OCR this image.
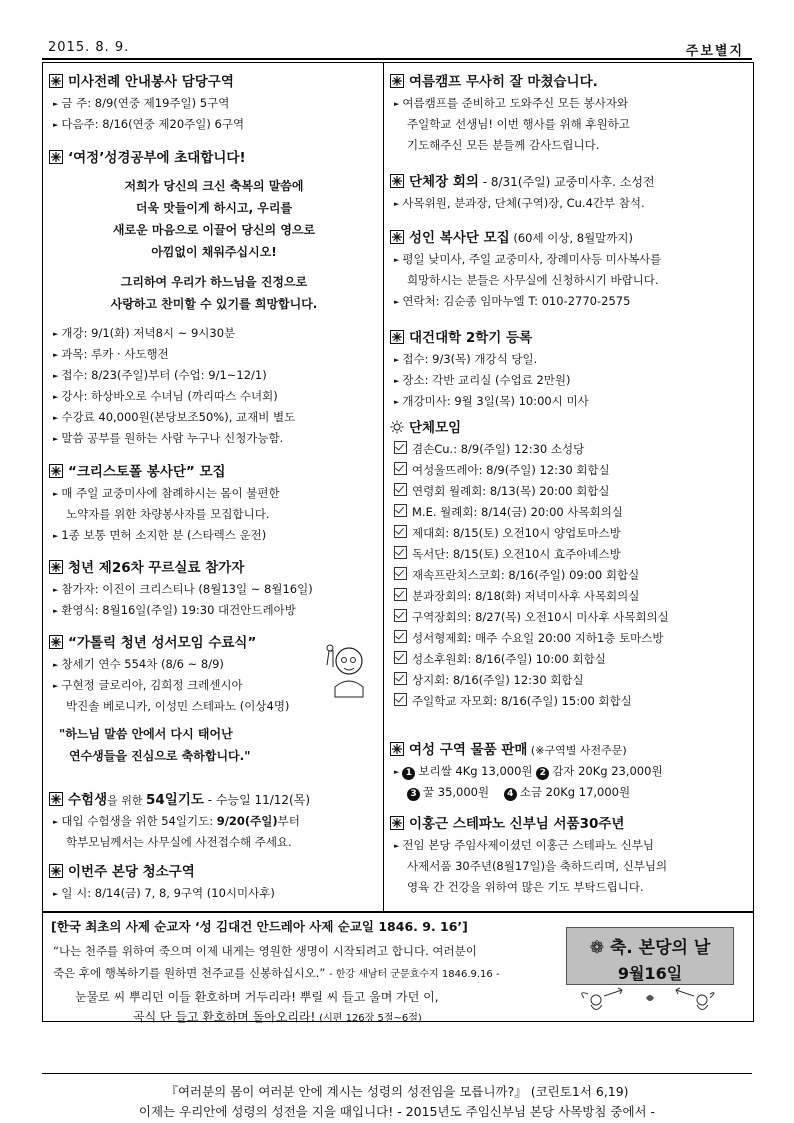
2015. 8. 9.	주보별지
미사전례 안내봉사 담당구역
► 금 주: 8/9(연중 제19주일) 5구역
► 다음주: 8/16(연중 제20주일) 6구역
‘여정’성경공부에 초대합니다!
저희가 당신의 크신 축복의 말씀에
더욱 맛들이게 하시고, 우리를
새로운 마음으로 이끌어 당신의 영으로
아낌없이 채워주십시오!
그리하여 우리가 하느님을 진정으로
사랑하고 찬미할 수 있기를 희망합니다.
► 개강: 9/1(화) 저녁8시 ~ 9시30분
► 과목: 루카 · 사도행전
► 접수: 8/23(주일)부터 (수업: 9/1~12/1)
► 강사: 하상바오로 수녀님 (까리따스 수녀회)
► 수강료 40,000원(본당보조50%), 교재비 별도
► 말씀 공부를 원하는 사람 누구나 신청가능함.
“크리스토폴 봉사단” 모집
► 매 주일 교중미사에 참례하시는 몸이 불편한
노약자를 위한 차량봉사자를 모집합니다.
► 1종 보통 면허 소지한 분 (스타렉스 운전)
청년 제26차 꾸르실료 참가자
► 참가자: 이진이 크리스티나 (8월13일 ~ 8월16일)
► 환영식: 8월16일(주일) 19:30 대건안드레아방
“가톨릭 청년 성서모임 수료식”
► 창세기 연수 554차 (8/6 ~ 8/9)
► 구현정 글로리아, 김희정 크레센시아
박진솔 베로니카, 이성민 스테파노 (이상4명)
"하느님 말씀 안에서 다시 태어난
연수생들을 진심으로 축하합니다."
수험생을 위한 54일기도 - 수능일 11/12(목)
► 대입 수험생을 위한 54일기도: 9/20(주일)부터
학부모님께서는 사무실에 사전접수해 주세요.
이번주 본당 청소구역
► 일 시: 8/14(금) 7, 8, 9구역 (10시미사후)
여름캠프 무사히 잘 마쳤습니다.
► 여름캠프를 준비하고 도와주신 모든 봉사자와
주일학교 선생님! 이번 행사를 위해 후원하고
기도해주신 모든 분들께 감사드립니다.
단체장 회의 - 8/31(주일) 교중미사후. 소성전
► 사목위원, 분과장, 단체(구역)장, Cu.4간부 참석.
성인 복사단 모집 (60세 이상, 8월말까지)
► 평일 낮미사, 주일 교중미사, 장례미사등 미사복사를
희망하시는 분들은 사무실에 신청하시기 바랍니다.
► 연락처: 김순종 임마누엘 T: 010-2770-2575
대건대학 2학기 등록
► 접수: 9/3(목) 개강식 당일.
► 장소: 각반 교리실 (수업료 2만원)
► 개강미사: 9월 3일(목) 10:00시 미사
단체모임
겸손Cu.: 8/9(주일) 12:30 소성당
여성울뜨레아: 8/9(주일) 12:30 회합실
연령회 월례회: 8/13(목) 20:00 회합실
M.E. 월례회: 8/14(금) 20:00 사목회의실
제대회: 8/15(토) 오전10시 양업토마스방
독서단: 8/15(토) 오전10시 효주아녜스방
재속프란치스코회: 8/16(주일) 09:00 회합실
분과장회의: 8/18(화) 저녁미사후 사목회의실
구역장회의: 8/27(목) 오전10시 미사후 사목회의실
성서형제회: 매주 수요일 20:00 지하1층 토마스방
성소후원회: 8/16(주일) 10:00 회합실
상지회: 8/16(주일) 12:30 회합실
주일학교 자모회: 8/16(주일) 15:00 회합실
여성 구역 물품 판매 (※구역별 사전주문)
► 1 보리쌀 4Kg 13,000원 2 감자 20Kg 23,000원
3 꿀 35,000원 4 소금 20Kg 17,000원
이홍근 스테파노 신부님 서품30주년
► 전임 본당 주임사제이셨던 이홍근 스테파노 신부님
사제서품 30주년(8월17일)을 축하드리며, 신부님의
영육 간 건강을 위하여 많은 기도 부탁드립니다.
[한국 최초의 사제 순교자 ‘성 김대건 안드레아 사제 순교일 1846. 9. 16’]
“나는 천주를 위하여 죽으며 이제 내게는 영원한 생명이 시작되려고 합니다. 여러분이
죽은 후에 행복하기를 원하면 천주교를 신봉하십시오.” - 한강 새남터 군문효수지 1846.9.16 -
눈물로 씨 뿌리던 이들 환호하며 거두리라! 뿌릴 씨 들고 울며 가던 이,
곡식 단 들고 환호하며 돌아오리라! (시편 126장 5절~6절)
❁ 축. 본당의 날
9월16일
『여러분의 몸이 여러분 안에 계시는 성령의 성전임을 모릅니까?』 (코린토1서 6,19)
이제는 우리안에 성령의 성전을 지을 때입니다! - 2015년도 주임신부님 본당 사목방침 중에서 -
